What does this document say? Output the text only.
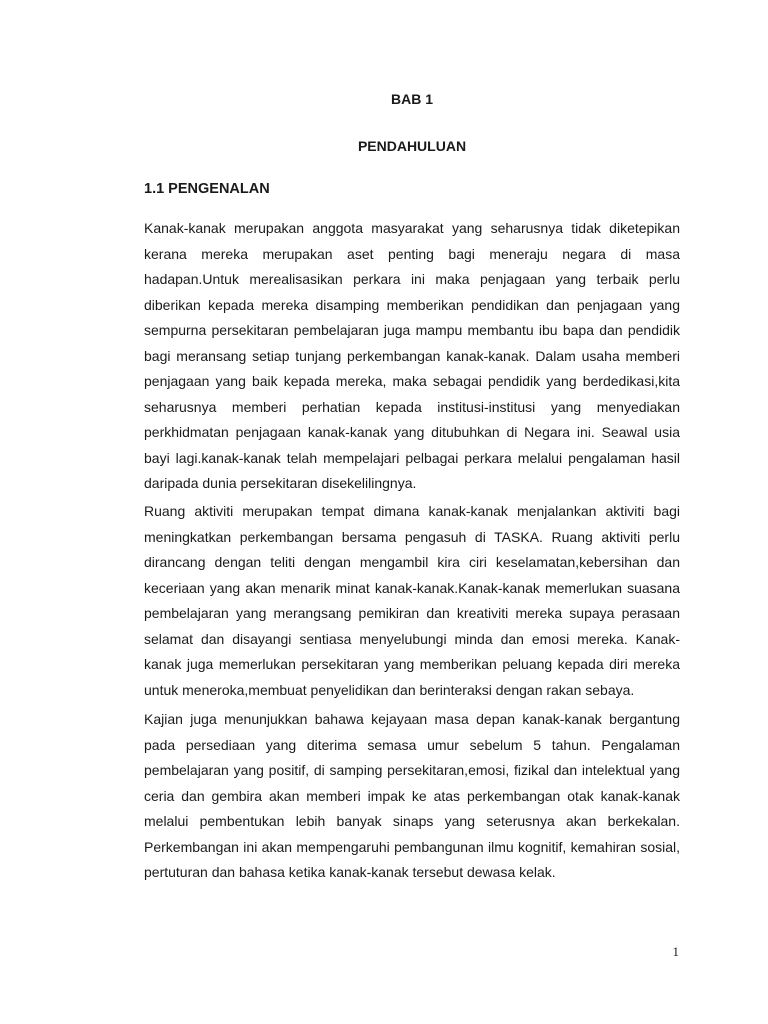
BAB 1

PENDAHULUAN

1.1 PENGENALAN

Kanak-kanak merupakan anggota masyarakat yang seharusnya tidak diketepikan kerana mereka merupakan aset penting bagi meneraju negara di masa hadapan.Untuk merealisasikan perkara ini maka penjagaan yang terbaik perlu diberikan kepada mereka disamping memberikan pendidikan dan penjagaan yang sempurna persekitaran pembelajaran juga mampu membantu ibu bapa dan pendidik bagi meransang setiap tunjang perkembangan kanak-kanak. Dalam usaha memberi penjagaan yang baik kepada mereka, maka sebagai pendidik yang berdedikasi,kita seharusnya memberi perhatian kepada institusi-institusi yang menyediakan perkhidmatan penjagaan kanak-kanak yang ditubuhkan di Negara ini. Seawal usia bayi lagi.kanak-kanak telah mempelajari pelbagai perkara melalui pengalaman hasil daripada dunia persekitaran disekelilingnya.

Ruang aktiviti merupakan tempat dimana kanak-kanak menjalankan aktiviti bagi meningkatkan perkembangan bersama pengasuh di TASKA. Ruang aktiviti perlu dirancang dengan teliti dengan mengambil kira ciri keselamatan,kebersihan dan keceriaan yang akan menarik minat kanak-kanak.Kanak-kanak memerlukan suasana pembelajaran yang merangsang pemikiran dan kreativiti mereka supaya perasaan selamat dan disayangi sentiasa menyelubungi minda dan emosi mereka. Kanak-kanak juga memerlukan persekitaran yang memberikan peluang kepada diri mereka untuk meneroka,membuat penyelidikan dan berinteraksi dengan rakan sebaya.

Kajian juga menunjukkan bahawa kejayaan masa depan kanak-kanak bergantung pada persediaan yang diterima semasa umur sebelum 5 tahun. Pengalaman pembelajaran yang positif, di samping persekitaran,emosi, fizikal dan intelektual yang ceria dan gembira akan memberi impak ke atas perkembangan otak kanak-kanak melalui pembentukan lebih banyak sinaps yang seterusnya akan berkekalan. Perkembangan ini akan mempengaruhi pembangunan ilmu kognitif, kemahiran sosial, pertuturan dan bahasa ketika kanak-kanak tersebut dewasa kelak.

1
